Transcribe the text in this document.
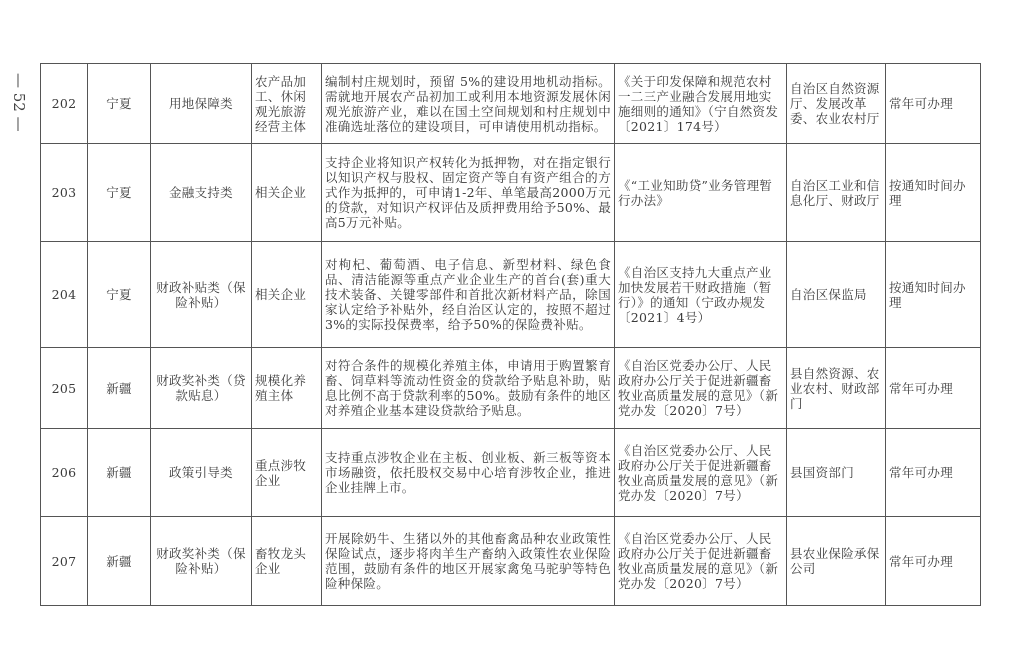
— 52 — 202	宁夏	用地保障类	农产品加工、休闲观光旅游经营主体	编制村庄规划时，预留 5%的建设用地机动指标。需就地开展农产品初加工或利用本地资源发展休闲观光旅游产业，难以在国土空间规划和村庄规划中准确选址落位的建设项目，可申请使用机动指标。	《关于印发保障和规范农村一二三产业融合发展用地实施细则的通知》（宁自然资发〔2021〕174号）	自治区自然资源厅、发展改革委、农业农村厅	常年可办理
203	宁夏	金融支持类	相关企业	支持企业将知识产权转化为抵押物，对在指定银行以知识产权与股权、固定资产等自有资产组合的方式作为抵押的，可申请1-2年、单笔最高2000万元的贷款，对知识产权评估及质押费用给予50%、最高5万元补贴。	《“工业知助贷”业务管理暂行办法》	自治区工业和信息化厅、财政厅	按通知时间办理
204	宁夏	财政补贴类（保险补贴）	相关企业	对枸杞、葡萄酒、电子信息、新型材料、绿色食品、清洁能源等重点产业企业生产的首台(套)重大技术装备、关键零部件和首批次新材料产品，除国家认定给予补贴外，经自治区认定的，按照不超过3%的实际投保费率，给予50%的保险费补贴。	《自治区支持九大重点产业加快发展若干财政措施（暂行）》的通知（宁政办规发〔2021〕4号）	自治区保监局	按通知时间办理
205	新疆	财政奖补类（贷款贴息）	规模化养殖主体	对符合条件的规模化养殖主体，申请用于购置繁育畜、饲草料等流动性资金的贷款给予贴息补助，贴息比例不高于贷款利率的50%。鼓励有条件的地区对养殖企业基本建设贷款给予贴息。	《自治区党委办公厅、人民政府办公厅关于促进新疆畜牧业高质量发展的意见》（新党办发〔2020〕7号）	县自然资源、农业农村、财政部门	常年可办理
206	新疆	政策引导类	重点涉牧企业	支持重点涉牧企业在主板、创业板、新三板等资本市场融资，依托股权交易中心培育涉牧企业，推进企业挂牌上市。	《自治区党委办公厅、人民政府办公厅关于促进新疆畜牧业高质量发展的意见》（新党办发〔2020〕7号）	县国资部门	常年可办理
207	新疆	财政奖补类（保险补贴）	畜牧龙头企业	开展除奶牛、生猪以外的其他畜禽品种农业政策性保险试点，逐步将肉羊生产畜纳入政策性农业保险范围，鼓励有条件的地区开展家禽兔马驼驴等特色险种保险。	《自治区党委办公厅、人民政府办公厅关于促进新疆畜牧业高质量发展的意见》（新党办发〔2020〕7号）	县农业保险承保公司	常年可办理
